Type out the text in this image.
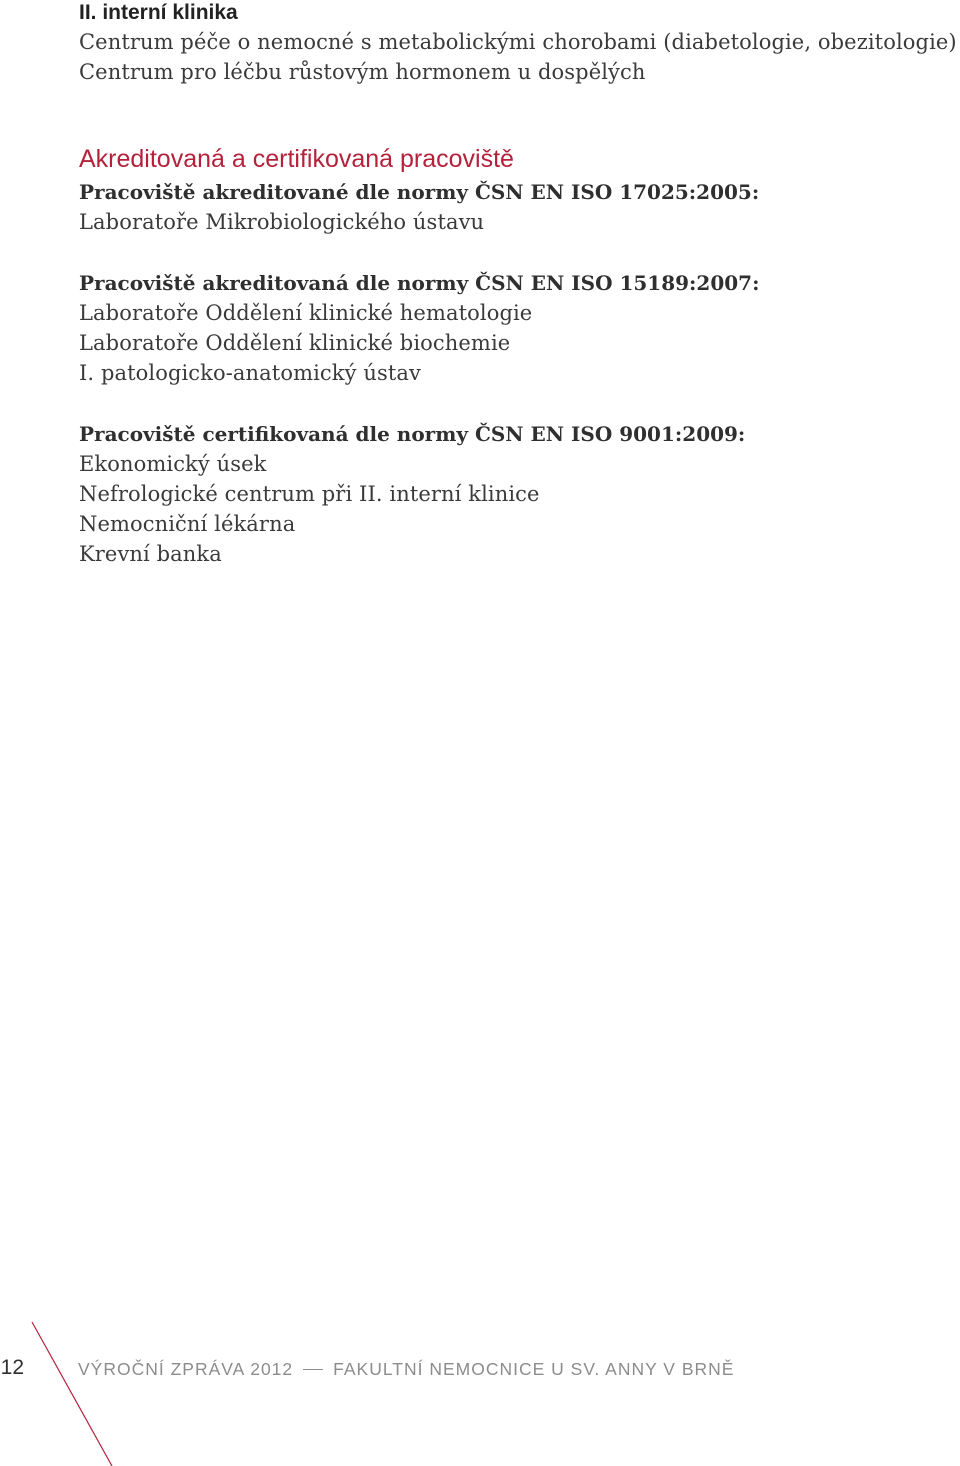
II. interní klinika
Centrum péče o nemocné s metabolickými chorobami (diabetologie, obezitologie)
Centrum pro léčbu růstovým hormonem u dospělých
Akreditovaná a certifikovaná pracoviště
Pracoviště akreditované dle normy ČSN EN ISO 17025:2005:
Laboratoře Mikrobiologického ústavu
Pracoviště akreditovaná dle normy ČSN EN ISO 15189:2007:
Laboratoře Oddělení klinické hematologie
Laboratoře Oddělení klinické biochemie
I. patologicko-anatomický ústav
Pracoviště certifikovaná dle normy ČSN EN ISO 9001:2009:
Ekonomický úsek
Nefrologické centrum při II. interní klinice
Nemocniční lékárna
Krevní banka
12	VÝROČNÍ ZPRÁVA 2012 FAKULTNÍ NEMOCNICE U SV. ANNY V BRNĚ
